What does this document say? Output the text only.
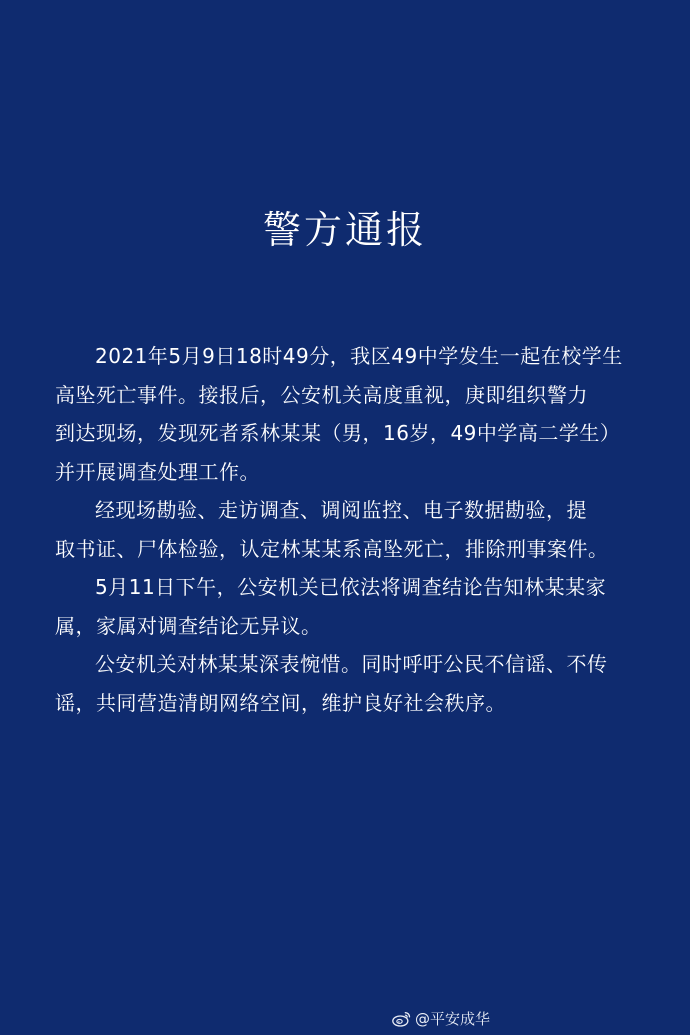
警方通报

2021年5月9日18时49分，我区49中学发生一起在校学生
高坠死亡事件。接报后，公安机关高度重视，庚即组织警力
到达现场，发现死者系林某某（男，16岁，49中学高二学生）
并开展调查处理工作。

经现场勘验、走访调查、调阅监控、电子数据勘验，提
取书证、尸体检验，认定林某某系高坠死亡，排除刑事案件。

5月11日下午，公安机关已依法将调查结论告知林某某家
属，家属对调查结论无异议。

公安机关对林某某深表惋惜。同时呼吁公民不信谣、不传
谣，共同营造清朗网络空间，维护良好社会秩序。

@平安成华
